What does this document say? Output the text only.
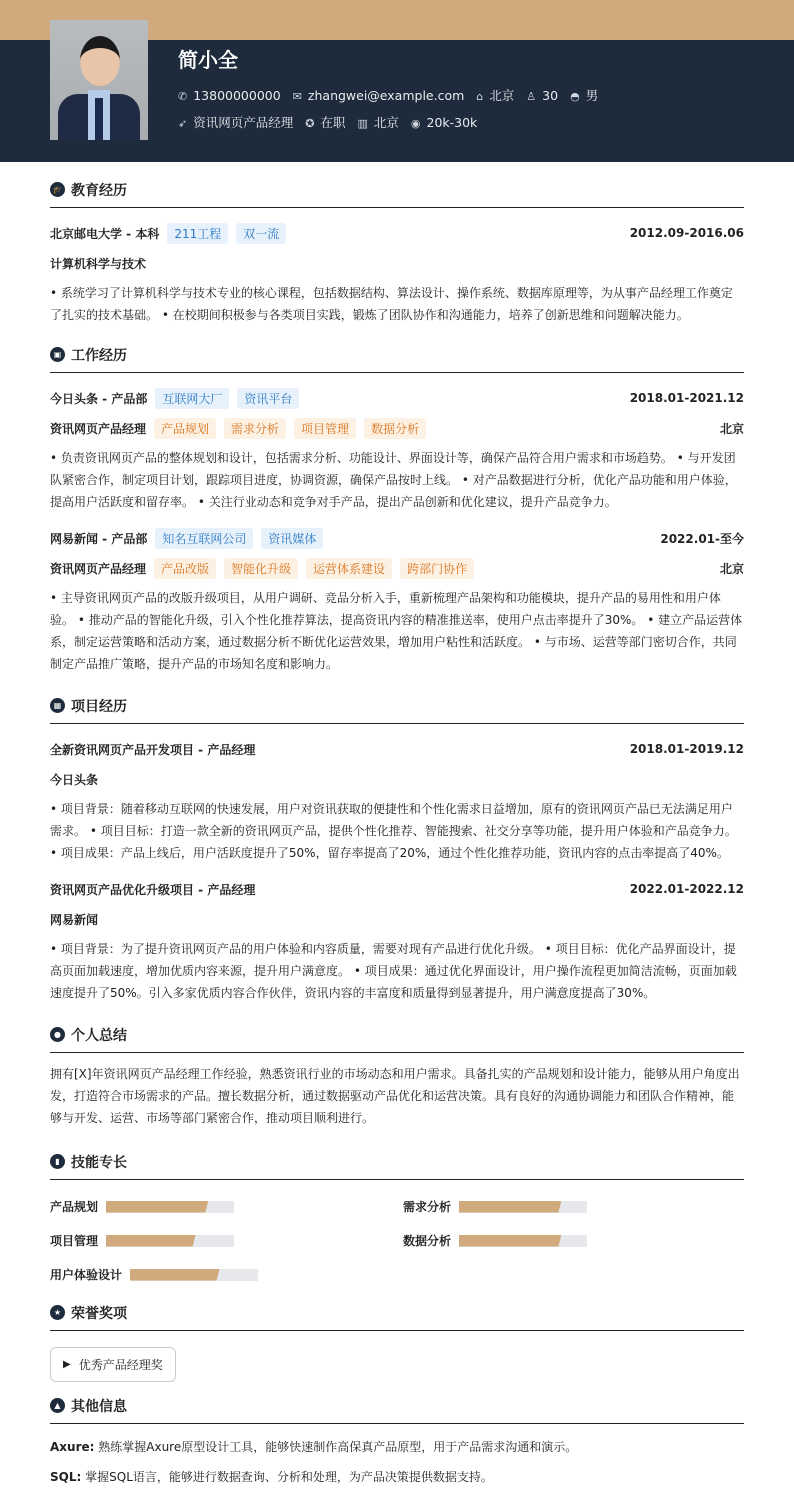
简小全
✆ 13800000000 ✉ zhangwei@example.com ⌂ 北京 ♙ 30 ◓ 男
➶ 资讯网页产品经理 ✪ 在职 ▥ 北京 ◉ 20k-30k
🎓 教育经历
北京邮电大学 - 本科	211工程	双一流	2012.09-2016.06
计算机科学与技术

• 系统学习了计算机科学与技术专业的核心课程，包括数据结构、算法设计、操作系统、数据库原理等，为从事产品经理工作奠定了扎实的技术基础。 • 在校期间积极参与各类项目实践，锻炼了团队协作和沟通能力，培养了创新思维和问题解决能力。

▣ 工作经历
今日头条 - 产品部	互联网大厂	资讯平台	2018.01-2021.12
资讯网页产品经理	产品规划	需求分析	项目管理	数据分析	北京

• 负责资讯网页产品的整体规划和设计，包括需求分析、功能设计、界面设计等，确保产品符合用户需求和市场趋势。 • 与开发团队紧密合作，制定项目计划，跟踪项目进度，协调资源，确保产品按时上线。 • 对产品数据进行分析，优化产品功能和用户体验，提高用户活跃度和留存率。 • 关注行业动态和竞争对手产品，提出产品创新和优化建议，提升产品竞争力。

网易新闻 - 产品部	知名互联网公司	资讯媒体	2022.01-至今
资讯网页产品经理	产品改版	智能化升级	运营体系建设	跨部门协作	北京

• 主导资讯网页产品的改版升级项目，从用户调研、竞品分析入手，重新梳理产品架构和功能模块，提升产品的易用性和用户体验。 • 推动产品的智能化升级，引入个性化推荐算法，提高资讯内容的精准推送率，使用户点击率提升了30%。 • 建立产品运营体系，制定运营策略和活动方案，通过数据分析不断优化运营效果，增加用户粘性和活跃度。 • 与市场、运营等部门密切合作，共同制定产品推广策略，提升产品的市场知名度和影响力。

▦ 项目经历
全新资讯网页产品开发项目 - 产品经理	2018.01-2019.12
今日头条

• 项目背景：随着移动互联网的快速发展，用户对资讯获取的便捷性和个性化需求日益增加，原有的资讯网页产品已无法满足用户需求。 • 项目目标：打造一款全新的资讯网页产品，提供个性化推荐、智能搜索、社交分享等功能，提升用户体验和产品竞争力。 • 项目成果：产品上线后，用户活跃度提升了50%，留存率提高了20%，通过个性化推荐功能，资讯内容的点击率提高了40%。

资讯网页产品优化升级项目 - 产品经理	2022.01-2022.12
网易新闻

• 项目背景：为了提升资讯网页产品的用户体验和内容质量，需要对现有产品进行优化升级。 • 项目目标：优化产品界面设计，提高页面加载速度，增加优质内容来源，提升用户满意度。 • 项目成果：通过优化界面设计，用户操作流程更加简洁流畅，页面加载速度提升了50%。引入多家优质内容合作伙伴，资讯内容的丰富度和质量得到显著提升，用户满意度提高了30%。

● 个人总结

拥有[X]年资讯网页产品经理工作经验，熟悉资讯行业的市场动态和用户需求。具备扎实的产品规划和设计能力，能够从用户角度出发，打造符合市场需求的产品。擅长数据分析，通过数据驱动产品优化和运营决策。具有良好的沟通协调能力和团队合作精神，能够与开发、运营、市场等部门紧密合作，推动项目顺利进行。

▮ 技能专长
产品规划	需求分析
项目管理	数据分析
用户体验设计
★ 荣誉奖项
▶ 优秀产品经理奖
▲ 其他信息

Axure: 熟练掌握Axure原型设计工具，能够快速制作高保真产品原型，用于产品需求沟通和演示。

SQL: 掌握SQL语言，能够进行数据查询、分析和处理，为产品决策提供数据支持。
